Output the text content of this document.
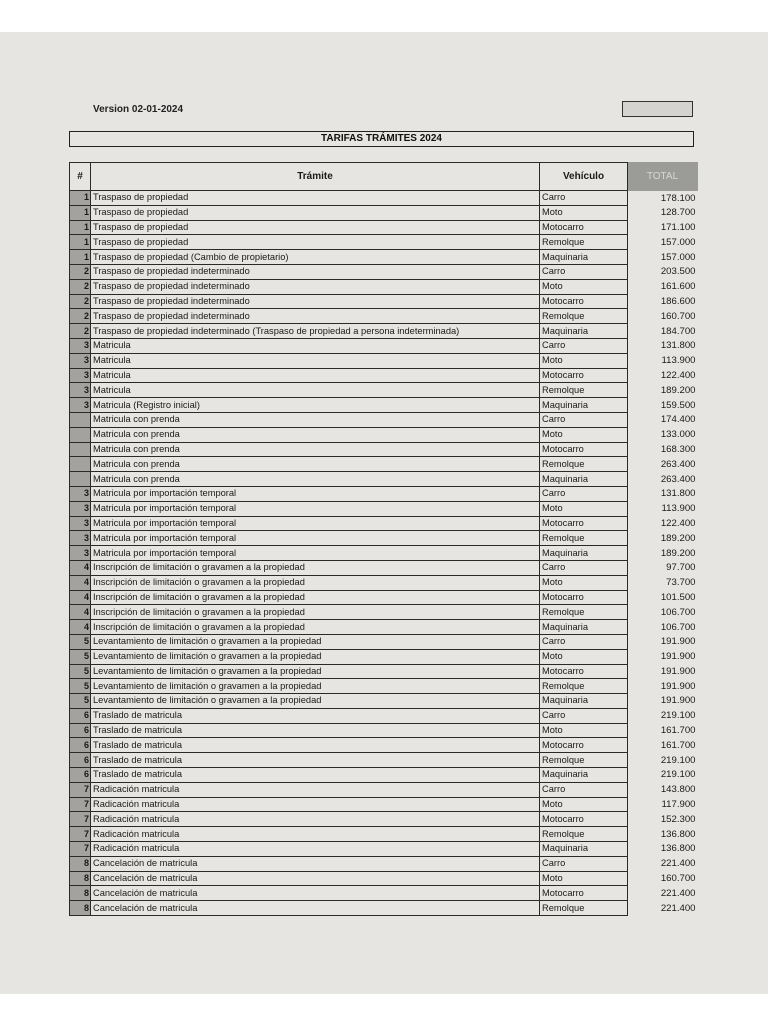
Version 02-01-2024
TARIFAS TRÁMITES 2024
#	Trámite	Vehículo	TOTAL
1	Traspaso de propiedad	Carro	178.100
1	Traspaso de propiedad	Moto	128.700
1	Traspaso de propiedad	Motocarro	171.100
1	Traspaso de propiedad	Remolque	157.000
1	Traspaso de propiedad (Cambio de propietario)	Maquinaria	157.000
2	Traspaso de propiedad indeterminado	Carro	203.500
2	Traspaso de propiedad indeterminado	Moto	161.600
2	Traspaso de propiedad indeterminado	Motocarro	186.600
2	Traspaso de propiedad indeterminado	Remolque	160.700
2	Traspaso de propiedad indeterminado (Traspaso de propiedad a persona indeterminada)	Maquinaria	184.700
3	Matricula	Carro	131.800
3	Matricula	Moto	113.900
3	Matricula	Motocarro	122.400
3	Matricula	Remolque	189.200
3	Matricula (Registro inicial)	Maquinaria	159.500
	Matricula con prenda	Carro	174.400
	Matricula con prenda	Moto	133.000
	Matricula con prenda	Motocarro	168.300
	Matricula con prenda	Remolque	263.400
	Matricula con prenda	Maquinaria	263.400
3	Matricula por importación temporal	Carro	131.800
3	Matricula por importación temporal	Moto	113.900
3	Matricula por importación temporal	Motocarro	122.400
3	Matricula por importación temporal	Remolque	189.200
3	Matricula por importación temporal	Maquinaria	189.200
4	Inscripción de limitación o gravamen a la propiedad	Carro	97.700
4	Inscripción de limitación o gravamen a la propiedad	Moto	73.700
4	Inscripción de limitación o gravamen a la propiedad	Motocarro	101.500
4	Inscripción de limitación o gravamen a la propiedad	Remolque	106.700
4	Inscripción de limitación o gravamen a la propiedad	Maquinaria	106.700
5	Levantamiento de limitación o gravamen a la propiedad	Carro	191.900
5	Levantamiento de limitación o gravamen a la propiedad	Moto	191.900
5	Levantamiento de limitación o gravamen a la propiedad	Motocarro	191.900
5	Levantamiento de limitación o gravamen a la propiedad	Remolque	191.900
5	Levantamiento de limitación o gravamen a la propiedad	Maquinaria	191.900
6	Traslado de matricula	Carro	219.100
6	Traslado de matricula	Moto	161.700
6	Traslado de matricula	Motocarro	161.700
6	Traslado de matricula	Remolque	219.100
6	Traslado de matricula	Maquinaria	219.100
7	Radicación matricula	Carro	143.800
7	Radicación matricula	Moto	117.900
7	Radicación matricula	Motocarro	152.300
7	Radicación matricula	Remolque	136.800
7	Radicación matricula	Maquinaria	136.800
8	Cancelación de matricula	Carro	221.400
8	Cancelación de matricula	Moto	160.700
8	Cancelación de matricula	Motocarro	221.400
8	Cancelación de matricula	Remolque	221.400
